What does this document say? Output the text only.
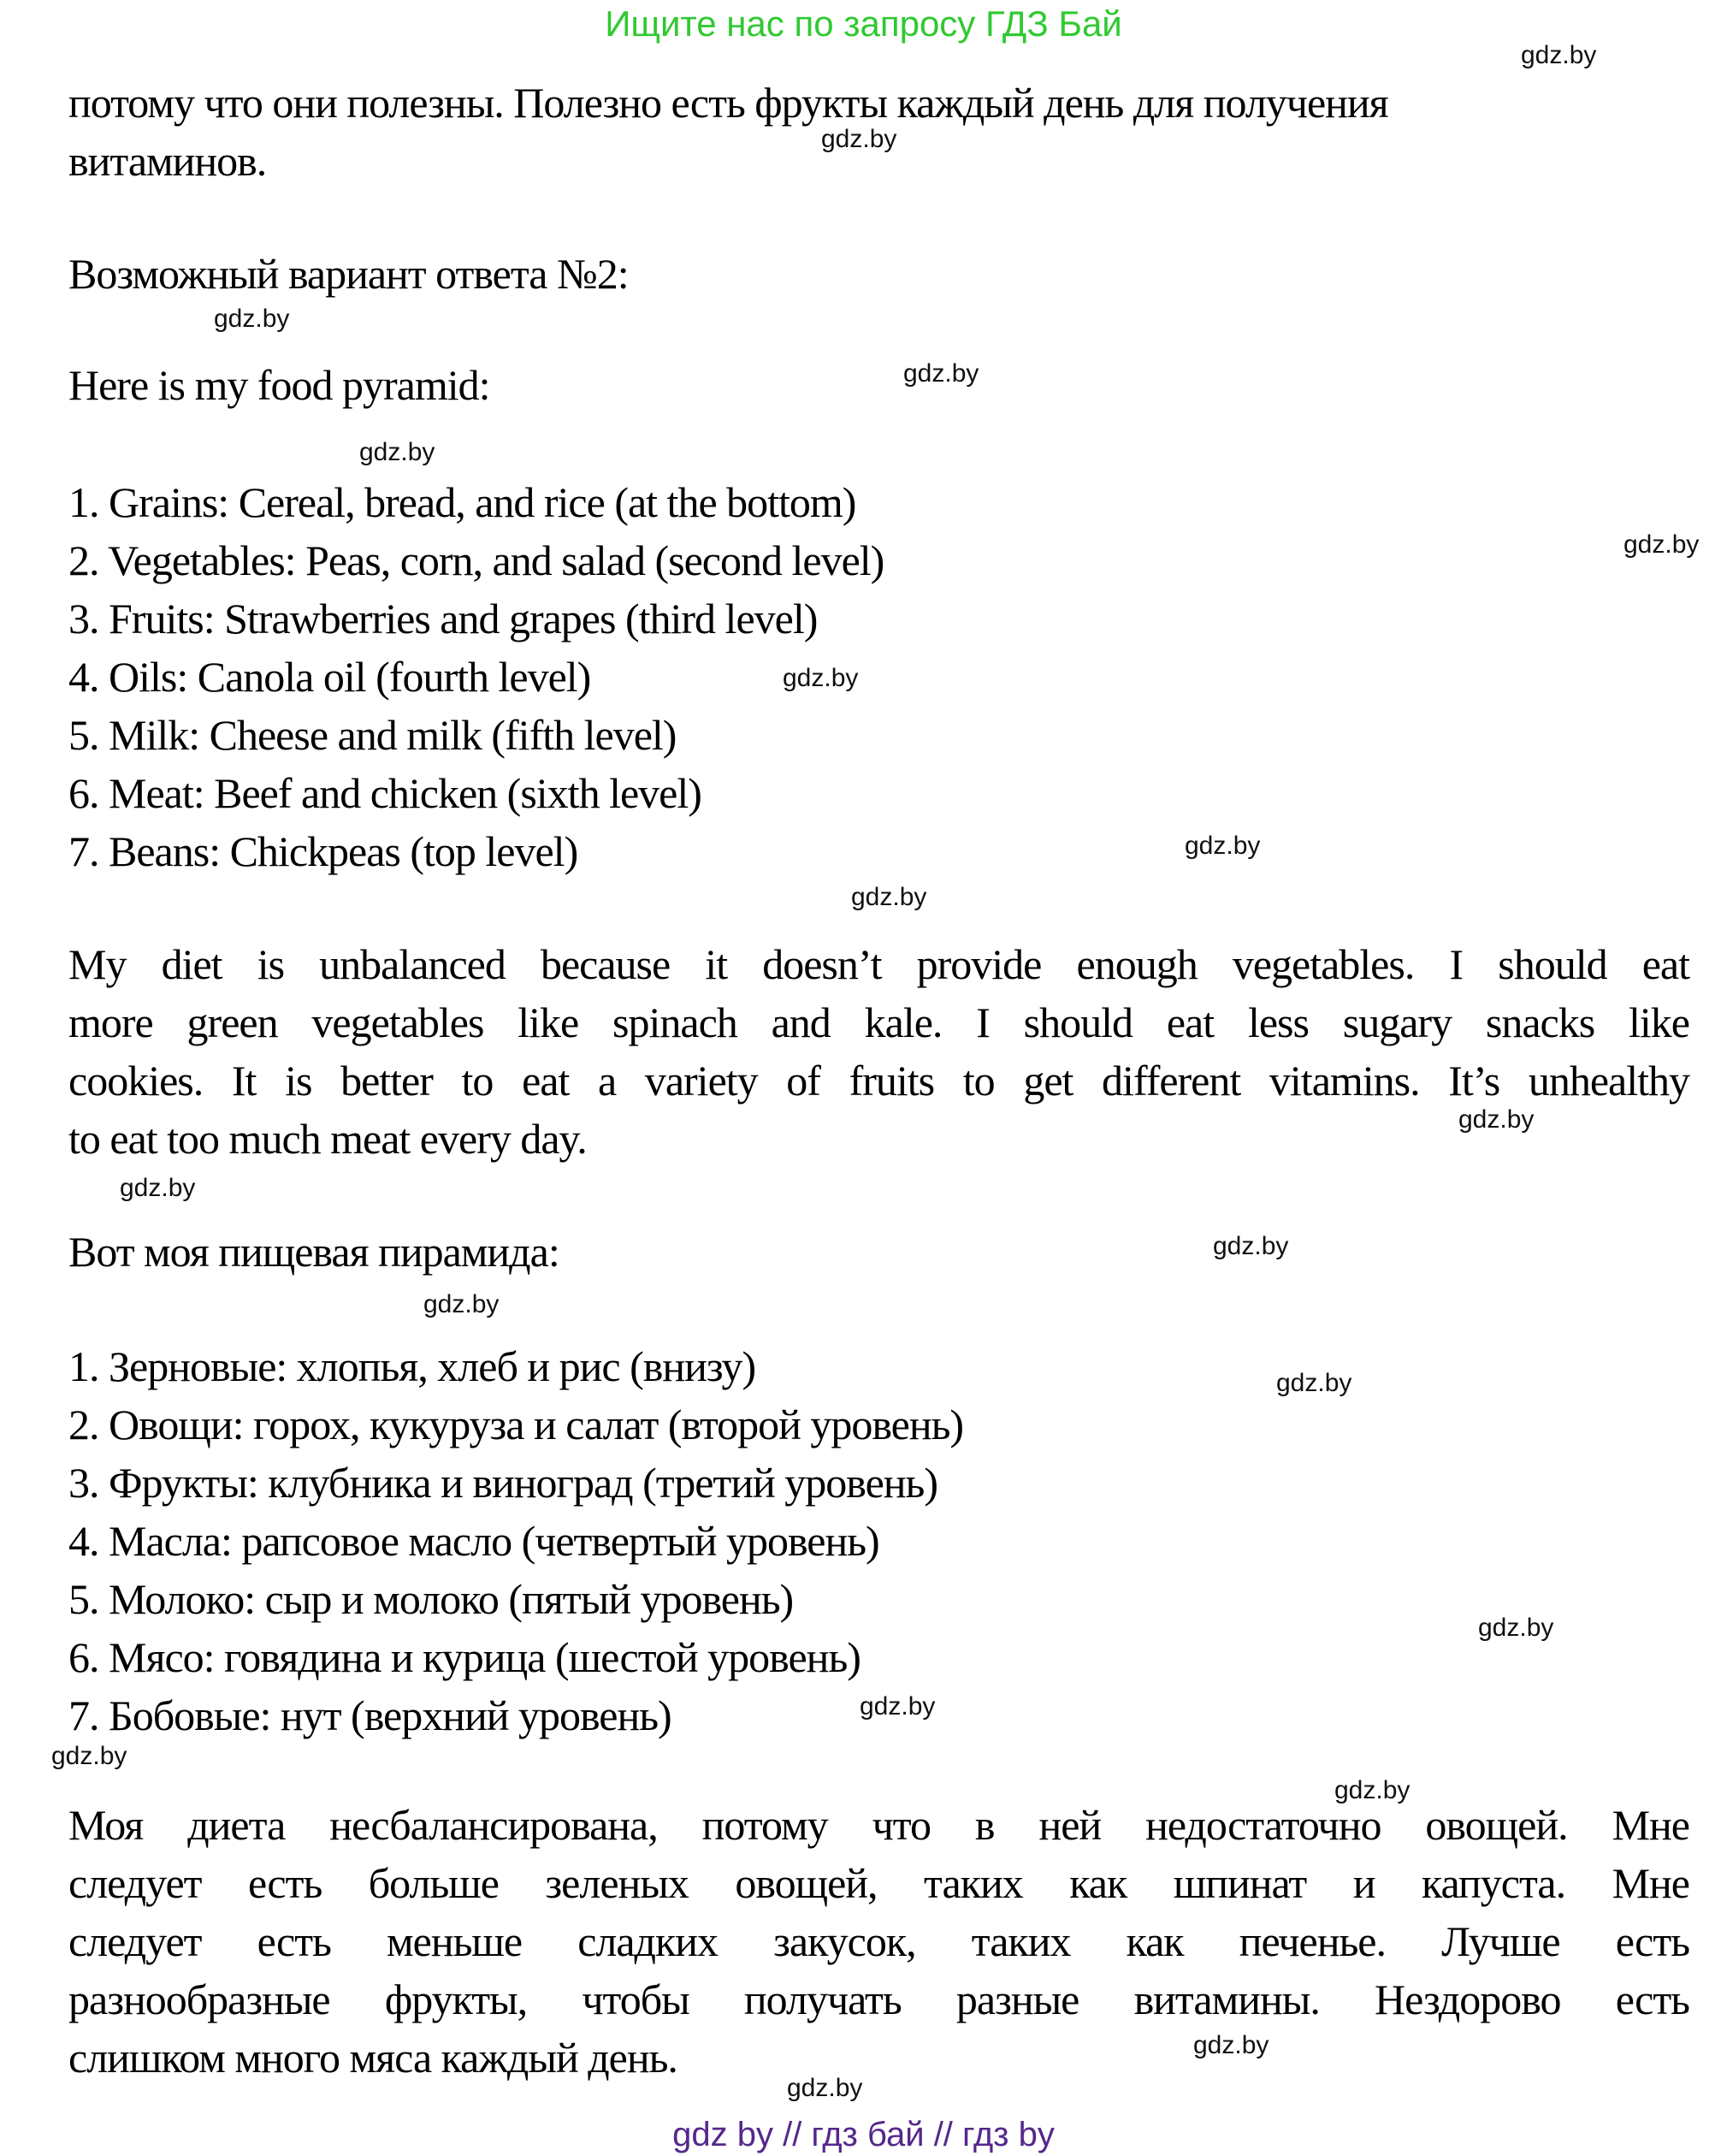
Ищите нас по запросу ГДЗ Бай
потому что они полезны. Полезно есть фрукты каждый день для получения
витаминов.
Возможный вариант ответа №2:
Here is my food pyramid:
1. Grains: Cereal, bread, and rice (at the bottom)
2. Vegetables: Peas, corn, and salad (second level)
3. Fruits: Strawberries and grapes (third level)
4. Oils: Canola oil (fourth level)
5. Milk: Cheese and milk (fifth level)
6. Meat: Beef and chicken (sixth level)
7. Beans: Chickpeas (top level)
My diet is unbalanced because it doesn’t provide enough vegetables. I should eat
more green vegetables like spinach and kale. I should eat less sugary snacks like
cookies. It is better to eat a variety of fruits to get different vitamins. It’s unhealthy
to eat too much meat every day.
Вот моя пищевая пирамида:
1. Зерновые: хлопья, хлеб и рис (внизу)
2. Овощи: горох, кукуруза и салат (второй уровень)
3. Фрукты: клубника и виноград (третий уровень)
4. Масла: рапсовое масло (четвертый уровень)
5. Молоко: сыр и молоко (пятый уровень)
6. Мясо: говядина и курица (шестой уровень)
7. Бобовые: нут (верхний уровень)
Моя диета несбалансирована, потому что в ней недостаточно овощей. Мне
следует есть больше зеленых овощей, таких как шпинат и капуста. Мне
следует есть меньше сладких закусок, таких как печенье. Лучше есть
разнообразные фрукты, чтобы получать разные витамины. Нездорово есть
слишком много мяса каждый день.
gdz.by
gdz.by
gdz.by
gdz.by
gdz.by
gdz.by
gdz.by
gdz.by
gdz.by
gdz.by
gdz.by
gdz.by
gdz.by
gdz.by
gdz.by
gdz.by
gdz.by
gdz.by
gdz.by
gdz.by
gdz by // гдз бай // гдз by
